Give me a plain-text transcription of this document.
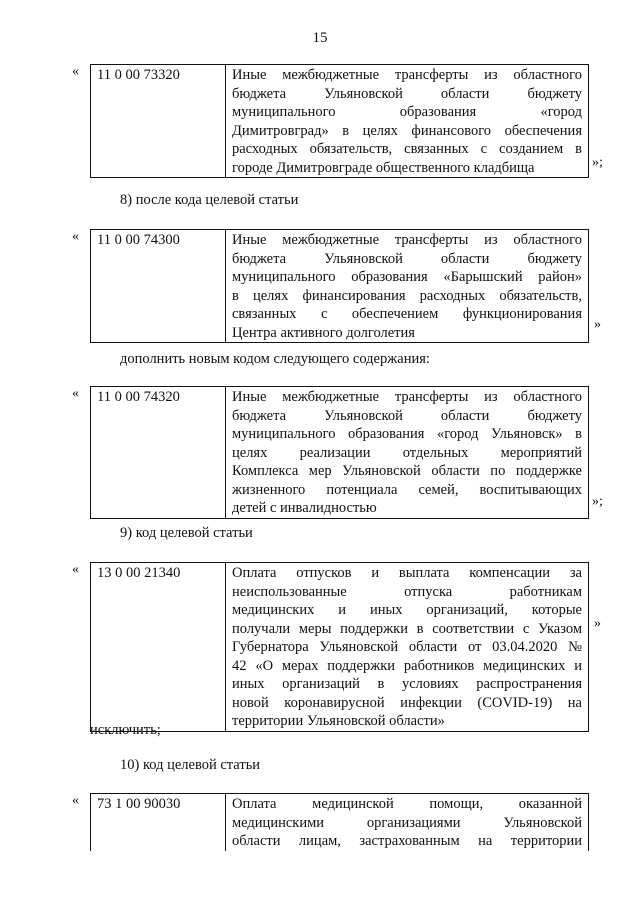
15
«	11 0 00 73320	Иные межбюджетные трансферты из областного
бюджета Ульяновской области бюджету
муниципального образования «город
Димитровград» в целях финансового обеспечения
расходных обязательств, связанных с созданием в
городе Димитровграде общественного кладбища	»;
8) после кода целевой статьи
«	11 0 00 74300	Иные межбюджетные трансферты из областного
бюджета Ульяновской области бюджету
муниципального образования «Барышский район»
в целях финансирования расходных обязательств,
связанных с обеспечением функционирования
Центра активного долголетия	»
дополнить новым кодом следующего содержания:
«	11 0 00 74320	Иные межбюджетные трансферты из областного
бюджета Ульяновской области бюджету
муниципального образования «город Ульяновск» в
целях реализации отдельных мероприятий
Комплекса мер Ульяновской области по поддержке
жизненного потенциала семей, воспитывающих
детей с инвалидностью	»;
9) код целевой статьи
«	13 0 00 21340	Оплата отпусков и выплата компенсации за
неиспользованные отпуска работникам
медицинских и иных организаций, которые
получали меры поддержки в соответствии с Указом
Губернатора Ульяновской области от 03.04.2020 №
42 «О мерах поддержки работников медицинских и
иных организаций в условиях распространения
новой коронавирусной инфекции (COVID-19) на
территории Ульяновской области»
»
исключить;
10) код целевой статьи
«	73 1 00 90030	Оплата медицинской помощи, оказанной
медицинскими организациями Ульяновской
области лицам, застрахованным на территории
